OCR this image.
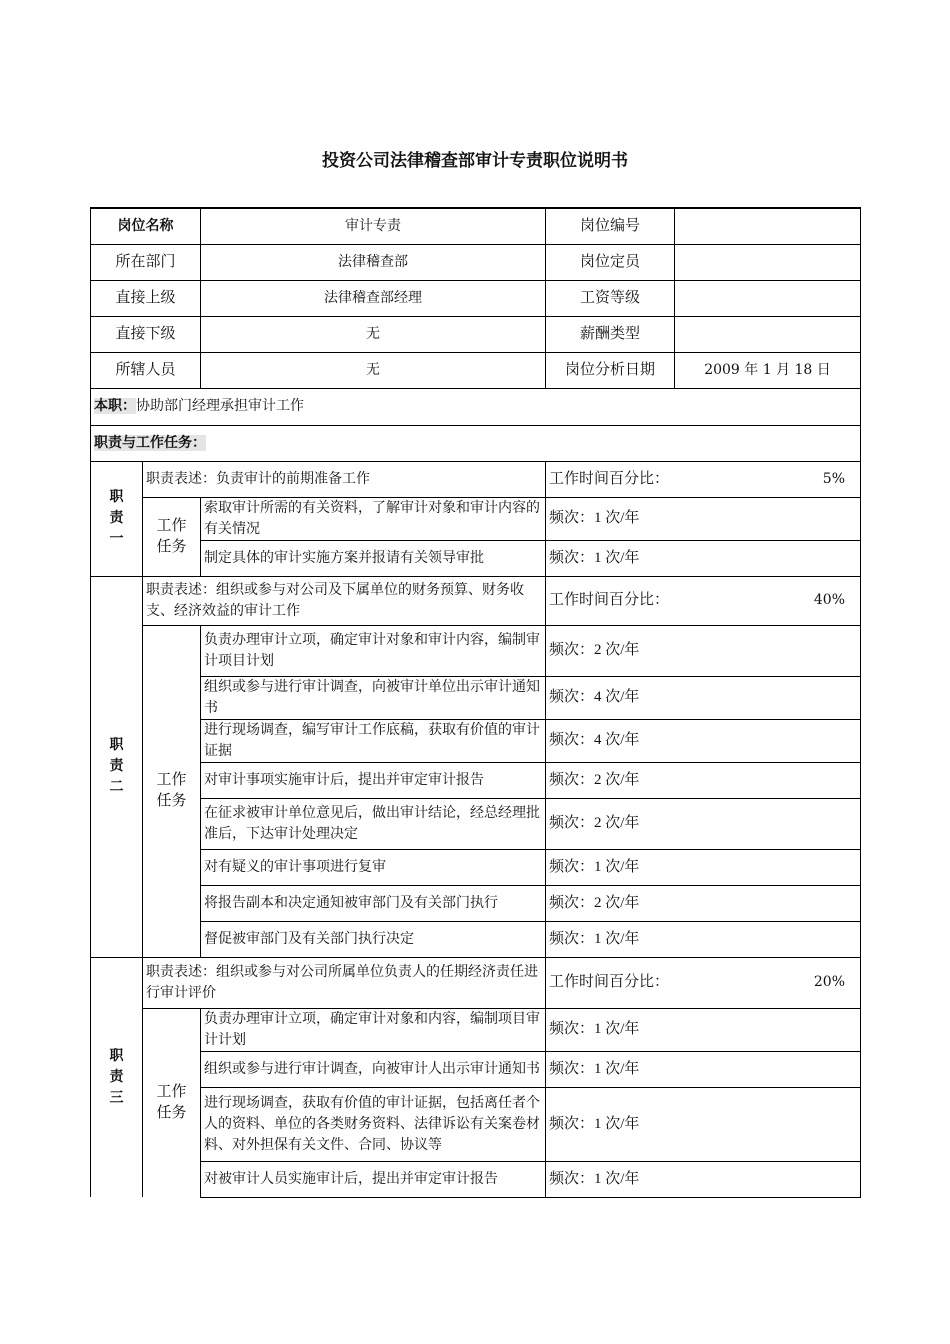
投资公司法律稽查部审计专责职位说明书
岗位名称		审计专责	岗位编号	
所在部门		法律稽查部	岗位定员	
直接上级		法律稽查部经理	工资等级	
直接下级		无	薪酬类型	
所辖人员		无	岗位分析日期	2009 年 1 月 18 日
本职：协助部门经理承担审计工作				
职责与工作任务：				
职责一	职责表述：负责审计的前期准备工作		工作时间百分比： 5%	

	工作任务	索取审计所需的有关资料，了解审计对象和审计内容的有关情况	频次：1 次/年	
		制定具体的审计实施方案并报请有关领导审批	频次：1 次/年	
职责二	职责表述：组织或参与对公司及下属单位的财务预算、财务收支、经济效益的审计工作		工作时间百分比： 40%	

	工作任务	负责办理审计立项，确定审计对象和审计内容，编制审计项目计划	频次：2 次/年	
		组织或参与进行审计调查，向被审计单位出示审计通知书	频次：4 次/年	
		进行现场调查，编写审计工作底稿，获取有价值的审计证据	频次：4 次/年	
		对审计事项实施审计后，提出并审定审计报告	频次：2 次/年	
		在征求被审计单位意见后，做出审计结论，经总经理批准后，下达审计处理决定	频次：2 次/年	
		对有疑义的审计事项进行复审	频次：1 次/年	
		将报告副本和决定通知被审部门及有关部门执行	频次：2 次/年	
		督促被审部门及有关部门执行决定	频次：1 次/年	
职责三	职责表述：组织或参与对公司所属单位负责人的任期经济责任进行审计评价		工作时间百分比： 20%	

	工作任务	负责办理审计立项，确定审计对象和内容，编制项目审计计划	频次：1 次/年	
		组织或参与进行审计调查，向被审计人出示审计通知书	频次：1 次/年	
		进行现场调查，获取有价值的审计证据，包括离任者个人的资料、单位的各类财务资料、法律诉讼有关案卷材料、对外担保有关文件、合同、协议等	频次：1 次/年	
		对被审计人员实施审计后，提出并审定审计报告	频次：1 次/年	
